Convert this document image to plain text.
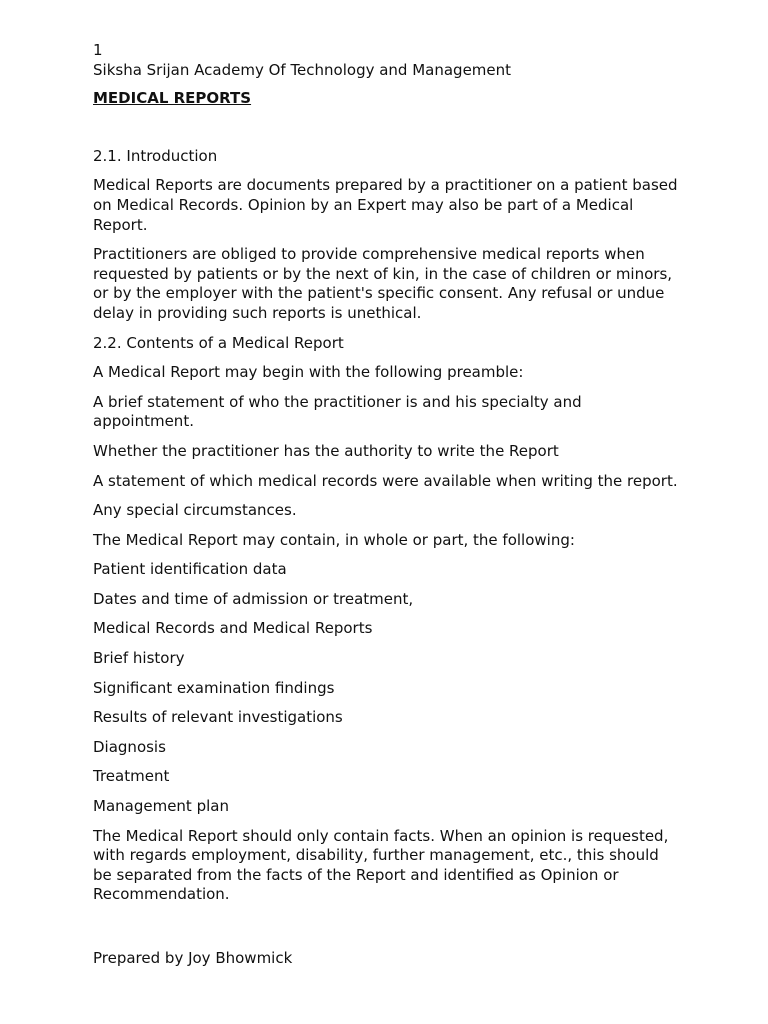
1

Siksha Srijan Academy Of Technology and Management

MEDICAL REPORTS

2.1. Introduction

Medical Reports are documents prepared by a practitioner on a patient based on Medical Records. Opinion by an Expert may also be part of a Medical Report.

Practitioners are obliged to provide comprehensive medical reports when requested by patients or by the next of kin, in the case of children or minors, or by the employer with the patient's specific consent. Any refusal or undue delay in providing such reports is unethical.

2.2. Contents of a Medical Report

A Medical Report may begin with the following preamble:

A brief statement of who the practitioner is and his specialty and appointment.

Whether the practitioner has the authority to write the Report

A statement of which medical records were available when writing the report.

Any special circumstances.

The Medical Report may contain, in whole or part, the following:

Patient identification data

Dates and time of admission or treatment,

Medical Records and Medical Reports

Brief history

Significant examination findings

Results of relevant investigations

Diagnosis

Treatment

Management plan

The Medical Report should only contain facts. When an opinion is requested, with regards employment, disability, further management, etc., this should be separated from the facts of the Report and identified as Opinion or Recommendation.

Prepared by Joy Bhowmick
